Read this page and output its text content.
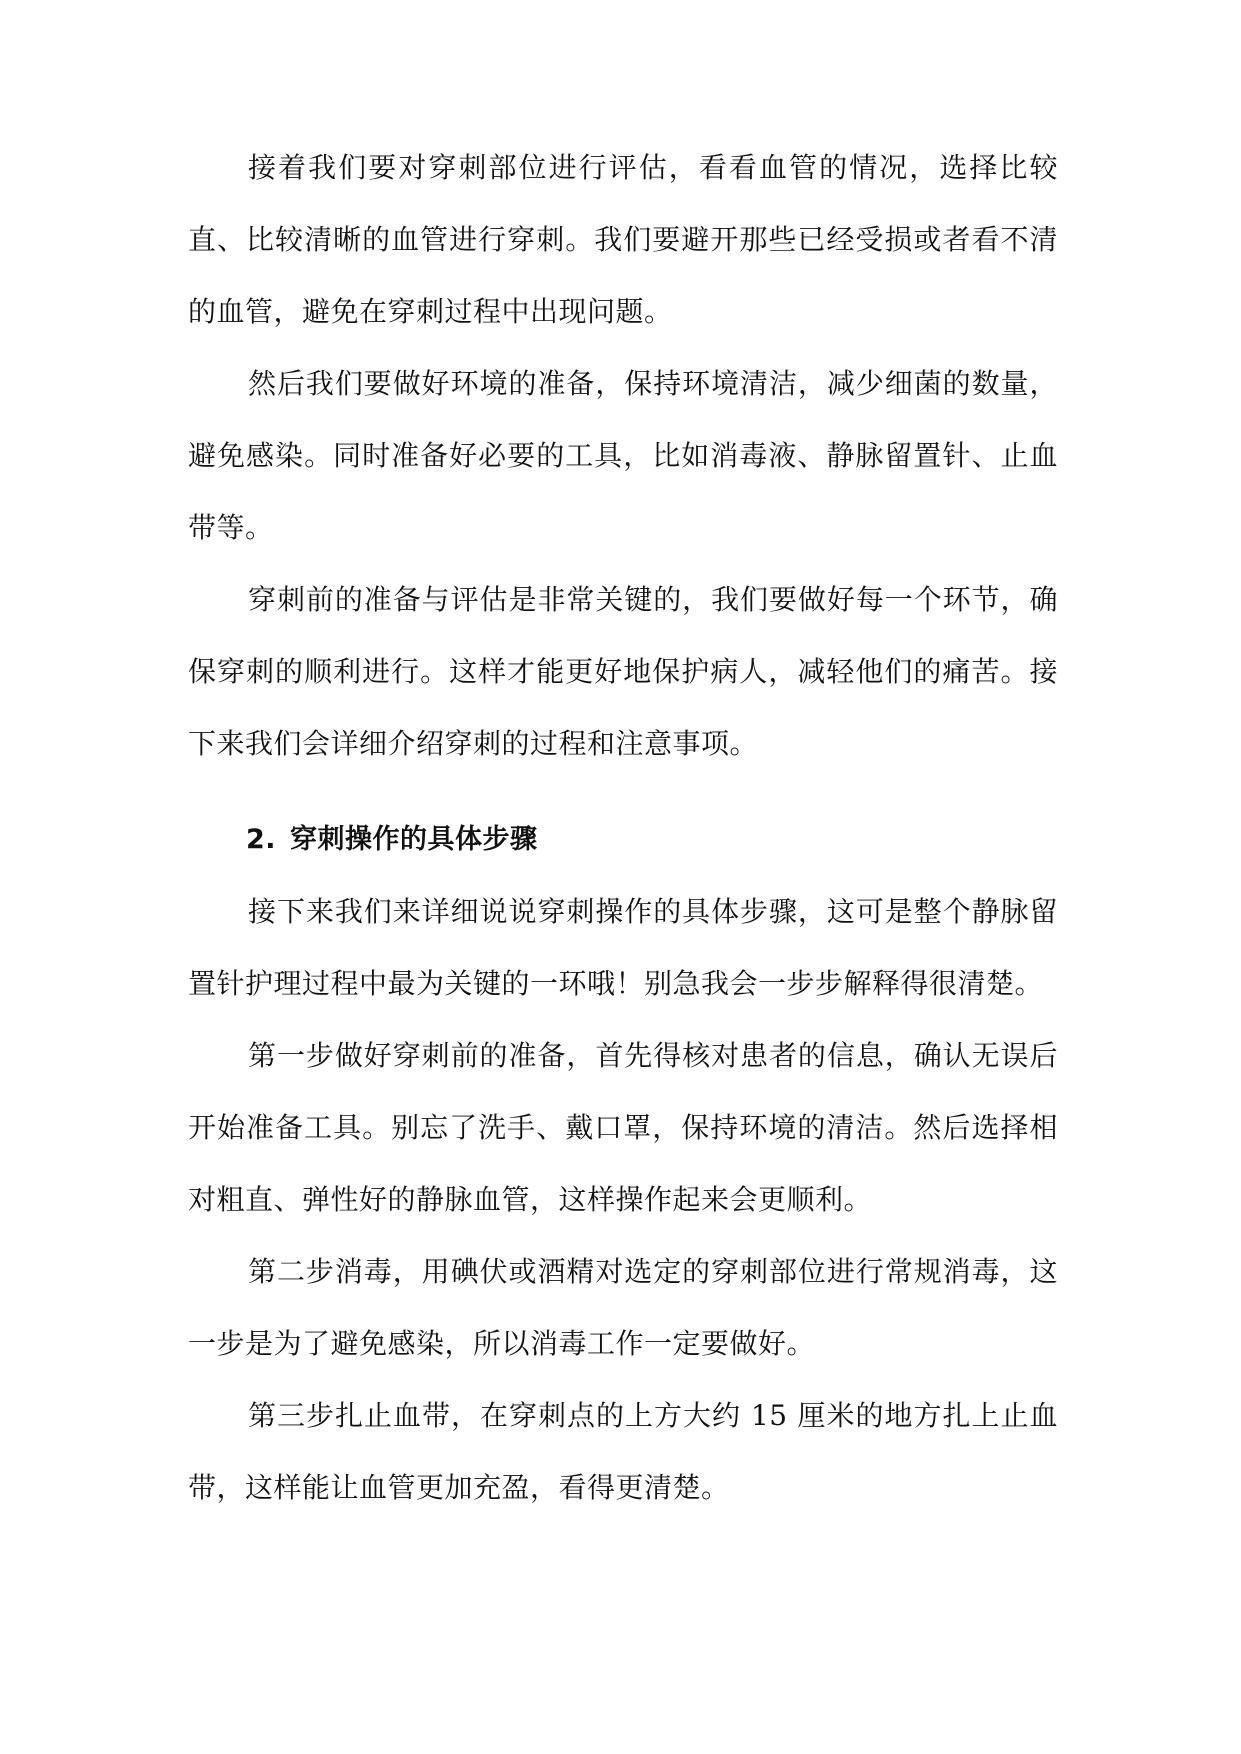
接着我们要对穿刺部位进行评估，看看血管的情况，选择比较直、比较清晰的血管进行穿刺。我们要避开那些已经受损或者看不清的血管，避免在穿刺过程中出现问题。

然后我们要做好环境的准备，保持环境清洁，减少细菌的数量，避免感染。同时准备好必要的工具，比如消毒液、静脉留置针、止血带等。

穿刺前的准备与评估是非常关键的，我们要做好每一个环节，确保穿刺的顺利进行。这样才能更好地保护病人，减轻他们的痛苦。接下来我们会详细介绍穿刺的过程和注意事项。

2. 穿刺操作的具体步骤

接下来我们来详细说说穿刺操作的具体步骤，这可是整个静脉留置针护理过程中最为关键的一环哦！别急我会一步步解释得很清楚。

第一步做好穿刺前的准备，首先得核对患者的信息，确认无误后开始准备工具。别忘了洗手、戴口罩，保持环境的清洁。然后选择相对粗直、弹性好的静脉血管，这样操作起来会更顺利。

第二步消毒，用碘伏或酒精对选定的穿刺部位进行常规消毒，这一步是为了避免感染，所以消毒工作一定要做好。

第三步扎止血带，在穿刺点的上方大约 15 厘米的地方扎上止血带，这样能让血管更加充盈，看得更清楚。
